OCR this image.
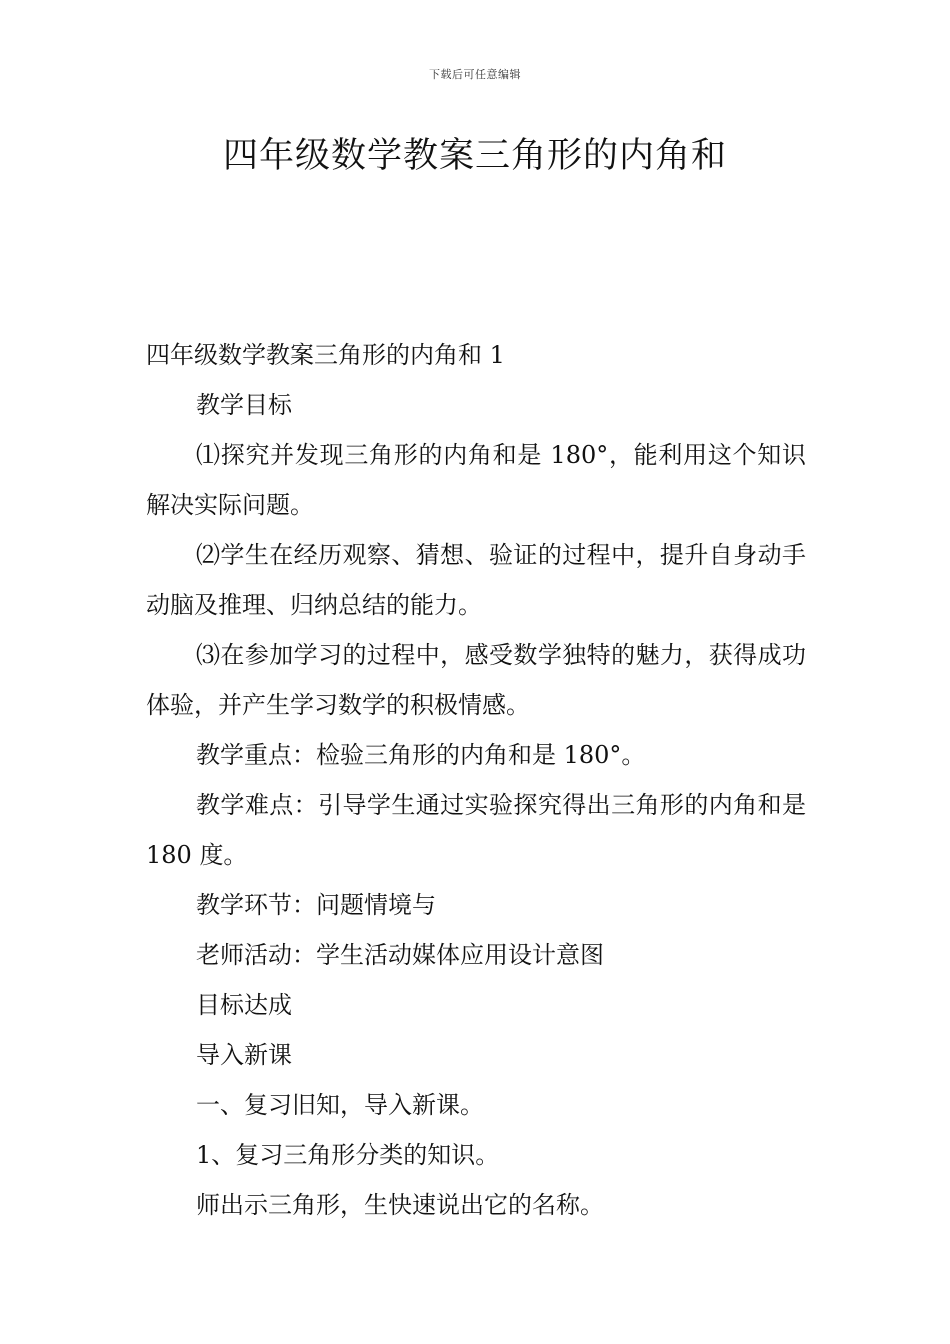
下载后可任意编辑
四年级数学教案三角形的内角和

四年级数学教案三角形的内角和 1

教学目标

⑴探究并发现三角形的内角和是 180°，能利用这个知识解决实际问题。

⑵学生在经历观察、猜想、验证的过程中，提升自身动手动脑及推理、归纳总结的能力。

⑶在参加学习的过程中，感受数学独特的魅力，获得成功体验，并产生学习数学的积极情感。

教学重点：检验三角形的内角和是 180°。

教学难点：引导学生通过实验探究得出三角形的内角和是 180 度。

教学环节：问题情境与

老师活动：学生活动媒体应用设计意图

目标达成

导入新课

一、复习旧知，导入新课。

1、复习三角形分类的知识。

师出示三角形，生快速说出它的名称。
